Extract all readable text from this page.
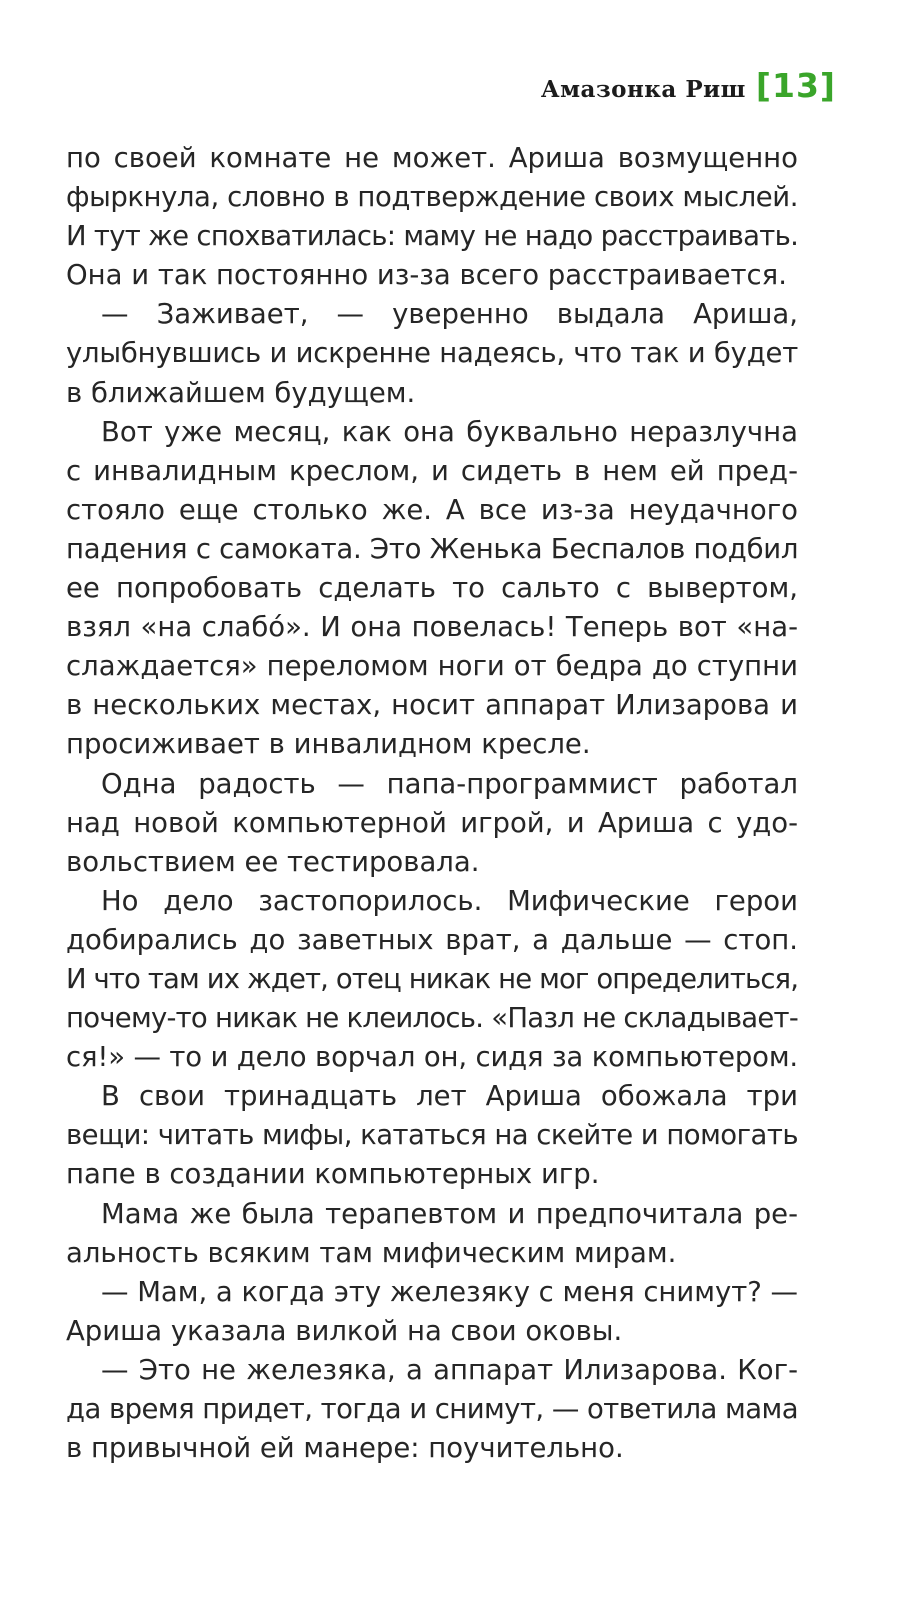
Амазонка Риш [13]
по своей комнате не может. Ариша возмущенно
фыркнула, словно в подтверждение своих мыслей.
И тут же спохватилась: маму не надо расстраивать.
Она и так постоянно из-за всего расстраивается.
— Заживает, — уверенно выдала Ариша,
улыбнувшись и искренне надеясь, что так и будет
в ближайшем будущем.
Вот уже месяц, как она буквально неразлучна
с инвалидным креслом, и сидеть в нем ей пред-
стояло еще столько же. А все из-за неудачного
падения с самоката. Это Женька Беспалов подбил
ее попробовать сделать то сальто с вывертом,
взял «на слабо́». И она повелась! Теперь вот «на-
слаждается» переломом ноги от бедра до ступни
в нескольких местах, носит аппарат Илизарова и
просиживает в инвалидном кресле.
Одна радость — папа-программист работал
над новой компьютерной игрой, и Ариша с удо-
вольствием ее тестировала.
Но дело застопорилось. Мифические герои
добирались до заветных врат, а дальше — стоп.
И что там их ждет, отец никак не мог определиться,
почему-то никак не клеилось. «Пазл не складывает-
ся!» — то и дело ворчал он, сидя за компьютером.
В свои тринадцать лет Ариша обожала три
вещи: читать мифы, кататься на скейте и помогать
папе в создании компьютерных игр.
Мама же была терапевтом и предпочитала ре-
альность всяким там мифическим мирам.
— Мам, а когда эту железяку с меня снимут? —
Ариша указала вилкой на свои оковы.
— Это не железяка, а аппарат Илизарова. Ког-
да время придет, тогда и снимут, — ответила мама
в привычной ей манере: поучительно.
